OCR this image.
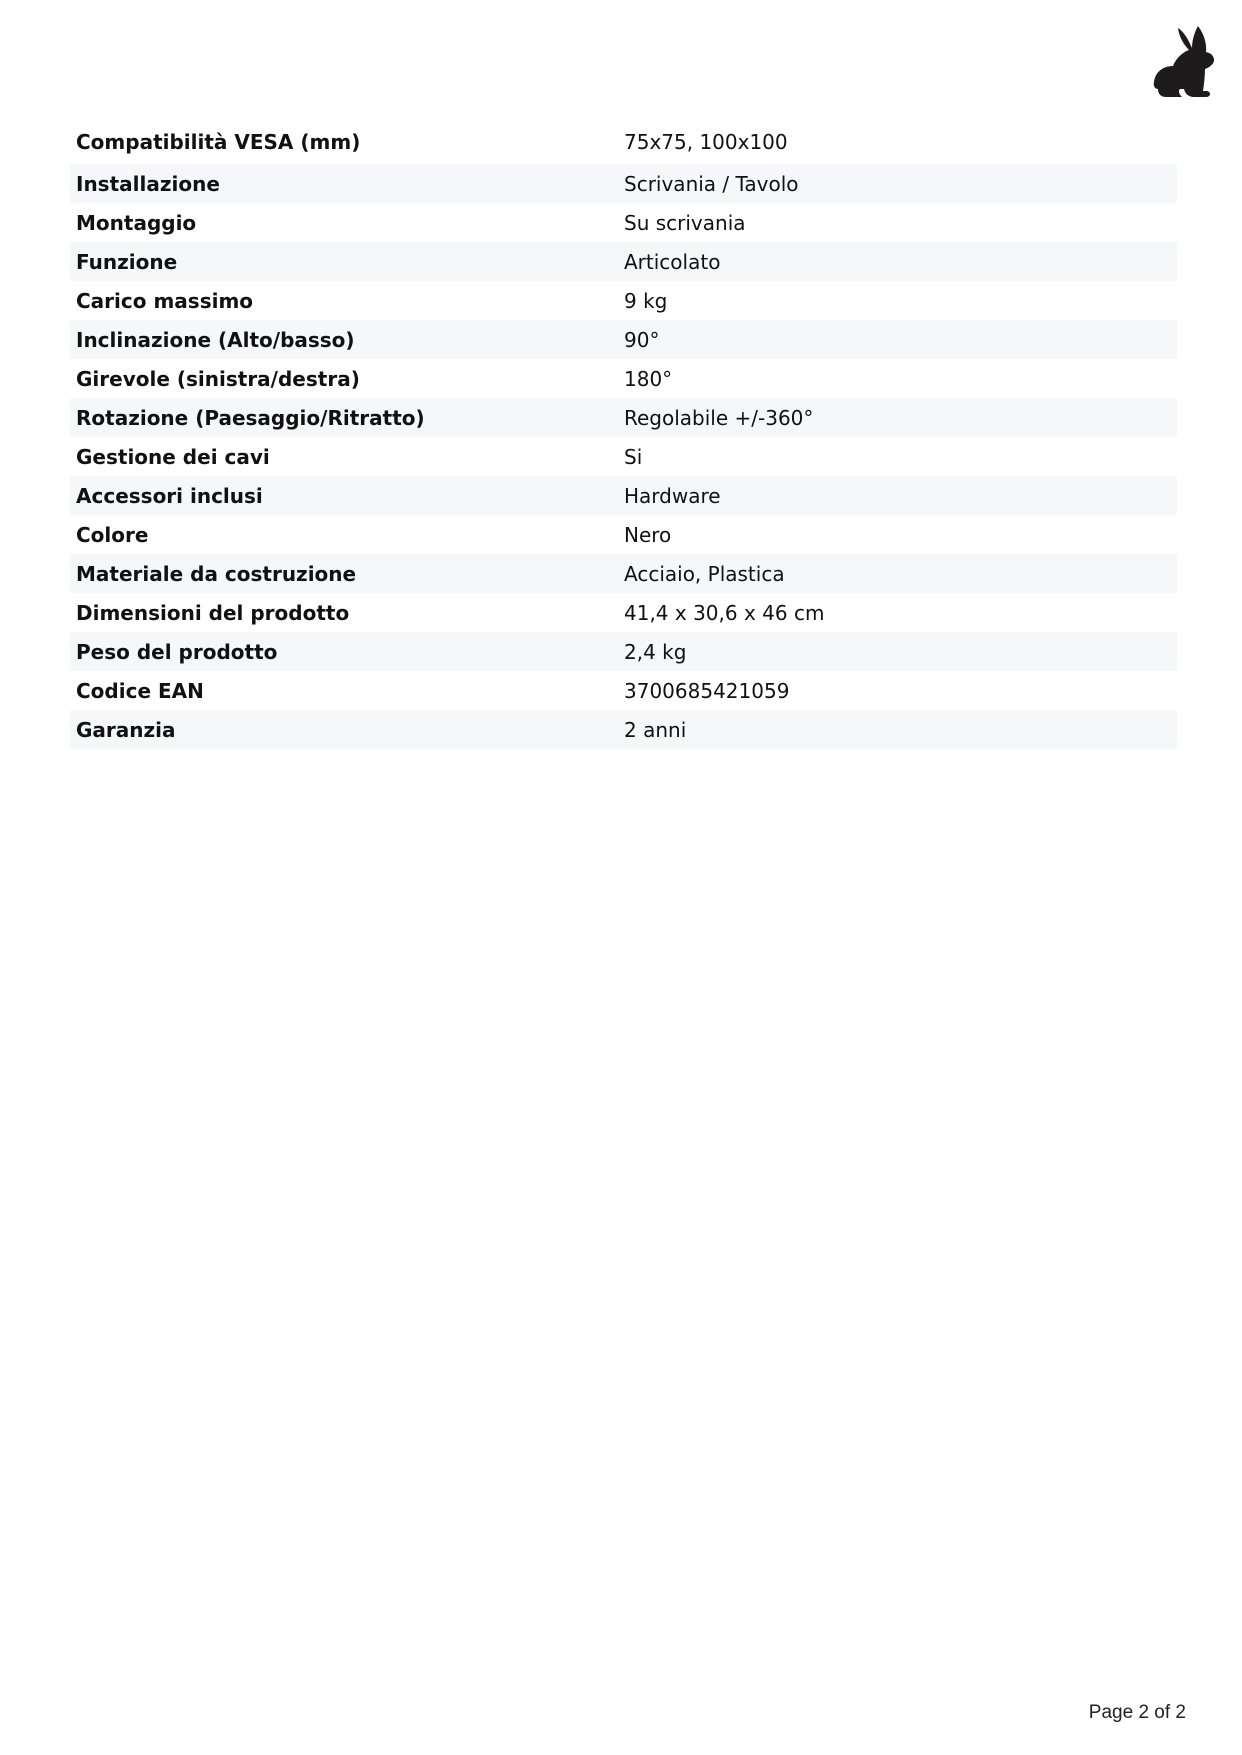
Compatibilità VESA (mm)	75x75, 100x100
Installazione	Scrivania / Tavolo
Montaggio	Su scrivania
Funzione	Articolato
Carico massimo	9 kg
Inclinazione (Alto/basso)	90°
Girevole (sinistra/destra)	180°
Rotazione (Paesaggio/Ritratto)	Regolabile +/-360°
Gestione dei cavi	Si
Accessori inclusi	Hardware
Colore	Nero
Materiale da costruzione	Acciaio, Plastica
Dimensioni del prodotto	41,4 x 30,6 x 46 cm
Peso del prodotto	2,4 kg
Codice EAN	3700685421059
Garanzia	2 anni
Page 2 of 2
